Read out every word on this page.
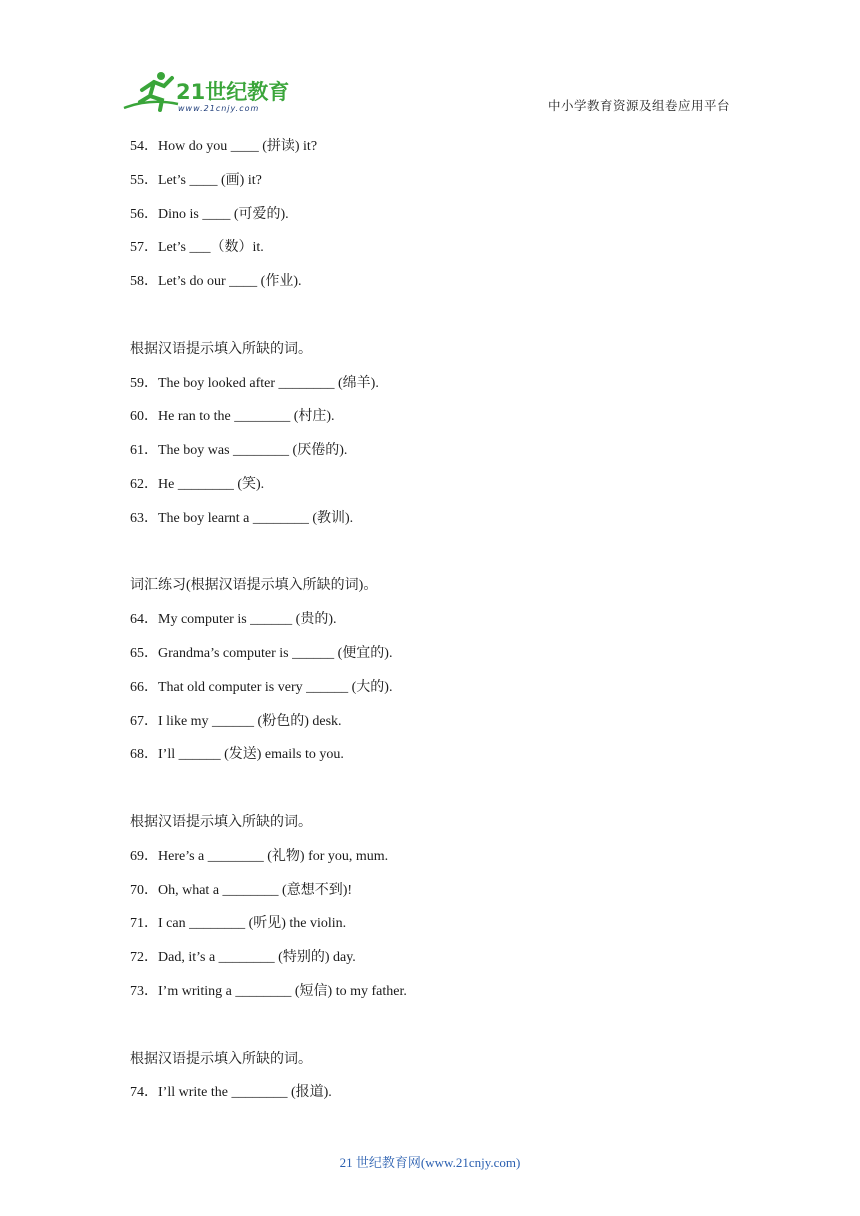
21世纪教育
www.21cnjy.com	中小学教育资源及组卷应用平台
54．How do you ____ (拼读) it?
55．Let’s ____ (画) it?
56．Dino is ____ (可爱的).
57．Let’s ___（数）it.
58．Let’s do our ____ (作业).
根据汉语提示填入所缺的词。
59．The boy looked after ________ (绵羊).
60．He ran to the ________ (村庄).
61．The boy was ________ (厌倦的).
62．He ________ (笑).
63．The boy learnt a ________ (教训).
词汇练习(根据汉语提示填入所缺的词)。
64．My computer is ______ (贵的).
65．Grandma’s computer is ______ (便宜的).
66．That old computer is very ______ (大的).
67．I like my ______ (粉色的) desk.
68．I’ll ______ (发送) emails to you.
根据汉语提示填入所缺的词。
69．Here’s a ________ (礼物) for you, mum.
70．Oh, what a ________ (意想不到)!
71．I can ________ (听见) the violin.
72．Dad, it’s a ________ (特别的) day.
73．I’m writing a ________ (短信) to my father.
根据汉语提示填入所缺的词。
74．I’ll write the ________ (报道).
21 世纪教育网(www.21cnjy.com)
